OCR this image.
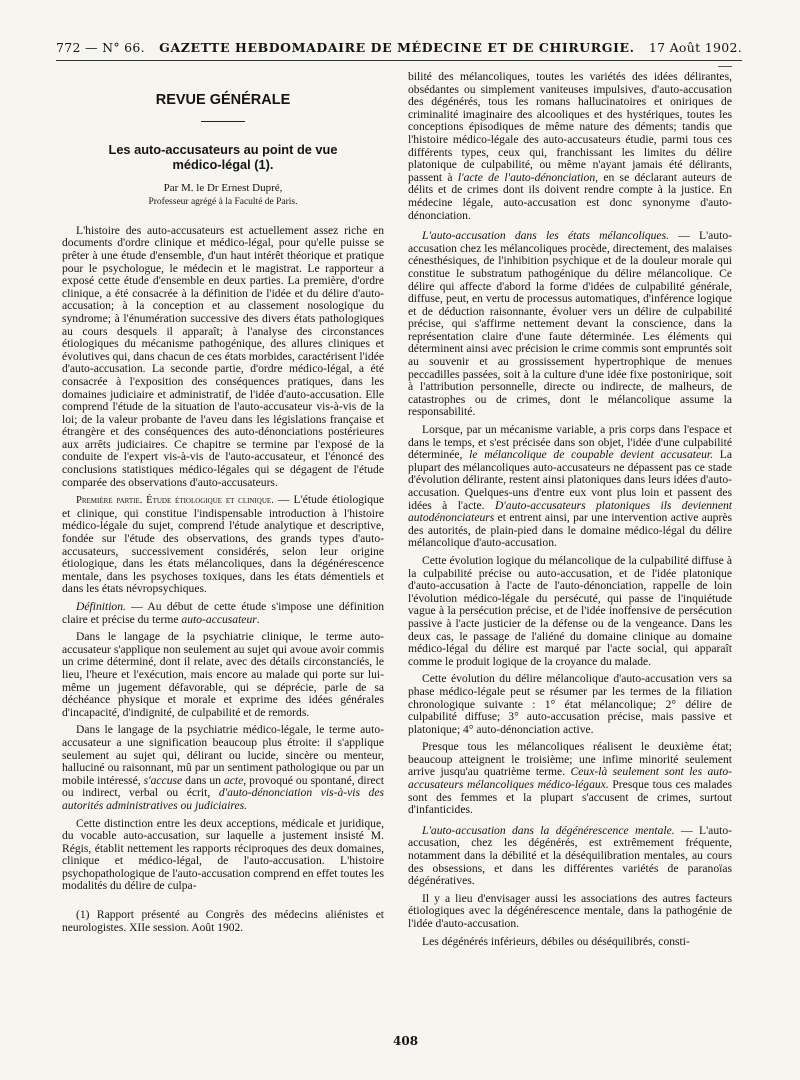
772 — N° 66. GAZETTE HEBDOMADAIRE DE MÉDECINE ET DE CHIRURGIE. 17 Août 1902.
REVUE GÉNÉRALE
Les auto-accusateurs au point de vue
médico-légal (1).
Par M. le Dr Ernest Dupré,
Professeur agrégé à la Faculté de Paris.

L'histoire des auto-accusateurs est actuellement assez riche en documents d'ordre clinique et médico-légal, pour qu'elle puisse se prêter à une étude d'ensemble, d'un haut intérêt théorique et pratique pour le psychologue, le médecin et le magistrat. Le rapporteur a exposé cette étude d'ensemble en deux parties. La première, d'ordre clinique, a été consacrée à la définition de l'idée et du délire d'auto-accusation; à la conception et au classement nosologique du syndrome; à l'énumération successive des divers états pathologiques au cours desquels il apparaît; à l'analyse des circonstances étiologiques du mécanisme pathogénique, des allures cliniques et évolutives qui, dans chacun de ces états morbides, caractérisent l'idée d'auto-accusation. La seconde partie, d'ordre médico-légal, a été consacrée à l'exposition des conséquences pratiques, dans les domaines judiciaire et administratif, de l'idée d'auto-accusation. Elle comprend l'étude de la situation de l'auto-accusateur vis-à-vis de la loi; de la valeur probante de l'aveu dans les législations française et étrangère et des conséquences des auto-dénonciations postérieures aux arrêts judiciaires. Ce chapitre se termine par l'exposé de la conduite de l'expert vis-à-vis de l'auto-accusateur, et l'énoncé des conclusions statistiques médico-légales qui se dégagent de l'étude comparée des observations d'auto-accusateurs.

Première partie. Étude étiologique et clinique. — L'étude étiologique et clinique, qui constitue l'indispensable introduction à l'histoire médico-légale du sujet, comprend l'étude analytique et descriptive, fondée sur l'étude des observations, des grands types d'auto-accusateurs, successivement considérés, selon leur origine étiologique, dans les états mélancoliques, dans la dégénérescence mentale, dans les psychoses toxiques, dans les états démentiels et dans les états névropsychiques.

Définition. — Au début de cette étude s'impose une définition claire et précise du terme auto-accusateur.

Dans le langage de la psychiatrie clinique, le terme auto-accusateur s'applique non seulement au sujet qui avoue avoir commis un crime déterminé, dont il relate, avec des détails circonstanciés, le lieu, l'heure et l'exécution, mais encore au malade qui porte sur lui-même un jugement défavorable, qui se déprécie, parle de sa déchéance physique et morale et exprime des idées générales d'incapacité, d'indignité, de culpabilité et de remords.

Dans le langage de la psychiatrie médico-légale, le terme auto-accusateur a une signification beaucoup plus étroite: il s'applique seulement au sujet qui, délirant ou lucide, sincère ou menteur, halluciné ou raisonnant, mû par un sentiment pathologique ou par un mobile intéressé, s'accuse dans un acte, provoqué ou spontané, direct ou indirect, verbal ou écrit, d'auto-dénonciation vis-à-vis des autorités administratives ou judiciaires.

Cette distinction entre les deux acceptions, médicale et juridique, du vocable auto-accusation, sur laquelle a justement insisté M. Régis, établit nettement les rapports réciproques des deux domaines, clinique et médico-légal, de l'auto-accusation. L'histoire psychopathologique de l'auto-accusation comprend en effet toutes les modalités du délire de culpa-

(1) Rapport présenté au Congrès des médecins aliénistes et neurologistes. XIIe session. Août 1902.

bilité des mélancoliques, toutes les variétés des idées délirantes, obsédantes ou simplement vaniteuses impulsives, d'auto-accusation des dégénérés, tous les romans hallucinatoires et oniriques de criminalité imaginaire des alcooliques et des hystériques, toutes les conceptions épisodiques de même nature des déments; tandis que l'histoire médico-légale des auto-accusateurs étudie, parmi tous ces différents types, ceux qui, franchissant les limites du délire platonique de culpabilité, ou même n'ayant jamais été délirants, passent à l'acte de l'auto-dénonciation, en se déclarant auteurs de délits et de crimes dont ils doivent rendre compte à la justice. En médecine légale, auto-accusation est donc synonyme d'auto-dénonciation.

L'auto-accusation dans les états mélancoliques. — L'auto-accusation chez les mélancoliques procède, directement, des malaises cénesthésiques, de l'inhibition psychique et de la douleur morale qui constitue le substratum pathogénique du délire mélancolique. Ce délire qui affecte d'abord la forme d'idées de culpabilité générale, diffuse, peut, en vertu de processus automatiques, d'inférence logique et de déduction raisonnante, évoluer vers un délire de culpabilité précise, qui s'affirme nettement devant la conscience, dans la représentation claire d'une faute déterminée. Les éléments qui déterminent ainsi avec précision le crime commis sont empruntés soit au souvenir et au grossissement hypertrophique de menues peccadilles passées, soit à la culture d'une idée fixe postonirique, soit à l'attribution personnelle, directe ou indirecte, de malheurs, de catastrophes ou de crimes, dont le mélancolique assume la responsabilité.

Lorsque, par un mécanisme variable, a pris corps dans l'espace et dans le temps, et s'est précisée dans son objet, l'idée d'une culpabilité déterminée, le mélancolique de coupable devient accusateur. La plupart des mélancoliques auto-accusateurs ne dépassent pas ce stade d'évolution délirante, restent ainsi platoniques dans leurs idées d'auto-accusation. Quelques-uns d'entre eux vont plus loin et passent des idées à l'acte. D'auto-accusateurs platoniques ils deviennent autodénonciateurs et entrent ainsi, par une intervention active auprès des autorités, de plain-pied dans le domaine médico-légal du délire mélancolique d'auto-accusation.

Cette évolution logique du mélancolique de la culpabilité diffuse à la culpabilité précise ou auto-accusation, et de l'idée platonique d'auto-accusation à l'acte de l'auto-dénonciation, rappelle de loin l'évolution médico-légale du persécuté, qui passe de l'inquiétude vague à la persécution précise, et de l'idée inoffensive de persécution passive à l'acte justicier de la défense ou de la vengeance. Dans les deux cas, le passage de l'aliéné du domaine clinique au domaine médico-légal du délire est marqué par l'acte social, qui apparaît comme le produit logique de la croyance du malade.

Cette évolution du délire mélancolique d'auto-accusation vers sa phase médico-légale peut se résumer par les termes de la filiation chronologique suivante : 1° état mélancolique; 2° délire de culpabilité diffuse; 3° auto-accusation précise, mais passive et platonique; 4° auto-dénonciation active.

Presque tous les mélancoliques réalisent le deuxième état; beaucoup atteignent le troisième; une infime minorité seulement arrive jusqu'au quatrième terme. Ceux-là seulement sont les auto-accusateurs mélancoliques médico-légaux. Presque tous ces malades sont des femmes et la plupart s'accusent de crimes, surtout d'infanticides.

L'auto-accusation dans la dégénérescence mentale. — L'auto-accusation, chez les dégénérés, est extrêmement fréquente, notamment dans la débilité et la déséquilibration mentales, au cours des obsessions, et dans les différentes variétés de paranoïas dégénératives.

Il y a lieu d'envisager aussi les associations des autres facteurs étiologiques avec la dégénérescence mentale, dans la pathogénie de l'idée d'auto-accusation.

Les dégénérés inférieurs, débiles ou déséquilibrés, consti-

408
